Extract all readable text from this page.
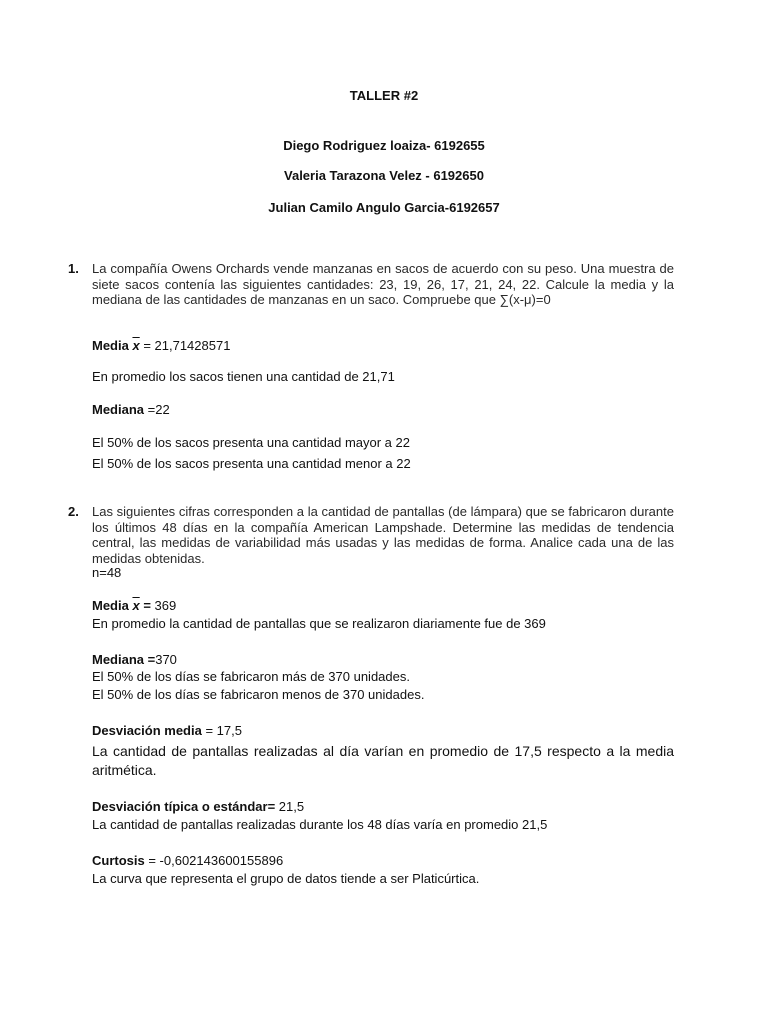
TALLER #2
Diego Rodriguez loaiza- 6192655
Valeria Tarazona Velez - 6192650
Julian Camilo Angulo Garcia-6192657
1. La compañía Owens Orchards vende manzanas en sacos de acuerdo con su peso. Una muestra de siete sacos contenía las siguientes cantidades: 23, 19, 26, 17, 21, 24, 22. Calcule la media y la mediana de las cantidades de manzanas en un saco. Compruebe que ∑(x-μ)=0
Media $\overline{x} = 21,71428571$
En promedio los sacos tienen una cantidad de 21,71
Mediana =22
El 50% de los sacos presenta una cantidad mayor a 22
El 50% de los sacos presenta una cantidad menor a 22
2. Las siguientes cifras corresponden a la cantidad de pantallas (de lámpara) que se fabricaron durante los últimos 48 días en la compañía American Lampshade. Determine las medidas de tendencia central, las medidas de variabilidad más usadas y las medidas de forma. Analice cada una de las medidas obtenidas.
n=48
Media $\overline{x} = 369$
En promedio la cantidad de pantallas que se realizaron diariamente fue de 369
Mediana =370
El 50% de los días se fabricaron más de 370 unidades.
El 50% de los días se fabricaron menos de 370 unidades.
Desviación media = 17,5
La cantidad de pantallas realizadas al día varían en promedio de 17,5 respecto a la media aritmética.
Desviación típica o estándar= 21,5
La cantidad de pantallas realizadas durante los 48 días varía en promedio 21,5
Curtosis = -0,602143600155896
La curva que representa el grupo de datos tiende a ser Platicúrtica.
